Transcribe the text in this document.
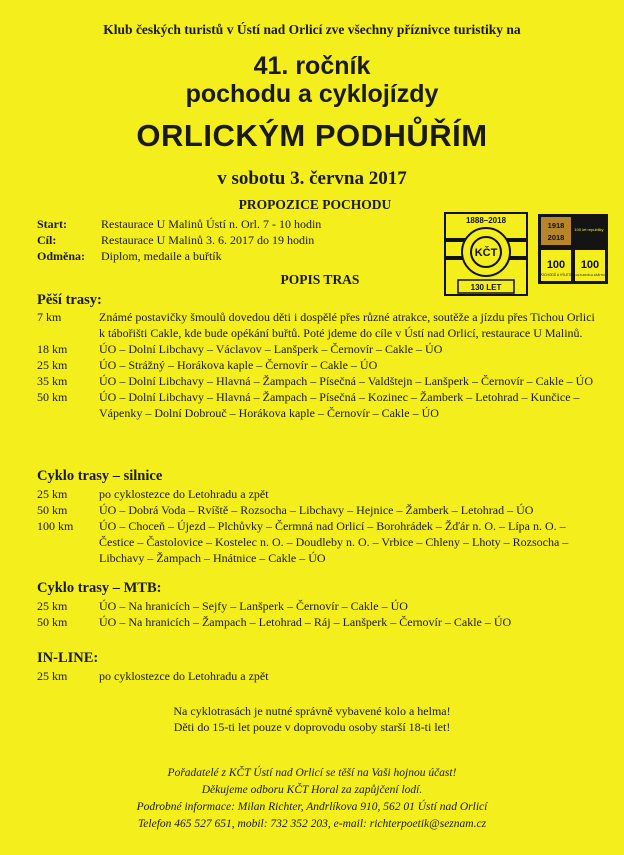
Klub českých turistů v Ústí nad Orlicí zve všechny příznivce turistiky na
41. ročník
pochodu a cyklojízdy
ORLICKÝM PODHŮŘÍM
v sobotu 3. června 2017
PROPOZICE POCHODU
Start:	Restaurace U Malinů Ústí n. Orl. 7 - 10 hodin
Cíl:	Restaurace U Malinů 3. 6. 2017 do 19 hodin
Odměna:	Diplom, medaile a buřtík
1888–2018
KČT
130 LET
1918
2018
100 let republiky
100
POCHODŮ A VÝLETŮ
100
KULTURNÍCH ZÁŽITKŮ
POPIS TRAS
Pěší trasy:
7 km	Známé postavičky šmoulů dovedou děti i dospělé přes různé atrakce, soutěže a jízdu přes Tichou Orlici k tábořišti Cakle, kde bude opékání buřtů. Poté jdeme do cíle v Ústí nad Orlicí, restaurace U Malinů.
18 km	ÚO – Dolní Libchavy – Václavov – Lanšperk – Černovír – Cakle – ÚO
25 km	ÚO – Strážný – Horákova kaple – Černovír – Cakle – ÚO
35 km	ÚO – Dolní Libchavy – Hlavná – Žampach – Písečná – Valdštejn – Lanšperk – Černovír – Cakle – ÚO
50 km	ÚO – Dolní Libchavy – Hlavná – Žampach – Písečná – Kozinec – Žamberk – Letohrad – Kunčice – Vápenky – Dolní Dobrouč – Horákova kaple – Černovír – Cakle – ÚO
Cyklo trasy – silnice
25 km	po cyklostezce do Letohradu a zpět
50 km	ÚO – Dobrá Voda – Rvíště – Rozsocha – Libchavy – Hejnice – Žamberk – Letohrad – ÚO
100 km	ÚO – Choceň – Újezd – Plchůvky – Čermná nad Orlicí – Borohrádek – Žďár n. O. – Lípa n. O. – Čestice – Častolovice – Kostelec n. O. – Doudleby n. O. – Vrbice – Chleny – Lhoty – Rozsocha – Libchavy – Žampach – Hnátnice – Cakle – ÚO
Cyklo trasy – MTB:
25 km	ÚO – Na hranicích – Sejfy – Lanšperk – Černovír – Cakle – ÚO
50 km	ÚO – Na hranicích – Žampach – Letohrad – Ráj – Lanšperk – Černovír – Cakle – ÚO
IN-LINE:
25 km	po cyklostezce do Letohradu a zpět
Na cyklotrasách je nutné správně vybavené kolo a helma!
Děti do 15-ti let pouze v doprovodu osoby starší 18-ti let!
Pořadatelé z KČT Ústí nad Orlicí se těší na Vaši hojnou účast!
Děkujeme odboru KČT Horal za zapůjčení lodí.
Podrobné informace: Milan Richter, Andrlíkova 910, 562 01 Ústí nad Orlicí
Telefon 465 527 651, mobil: 732 352 203, e-mail: richterpoetik@seznam.cz
